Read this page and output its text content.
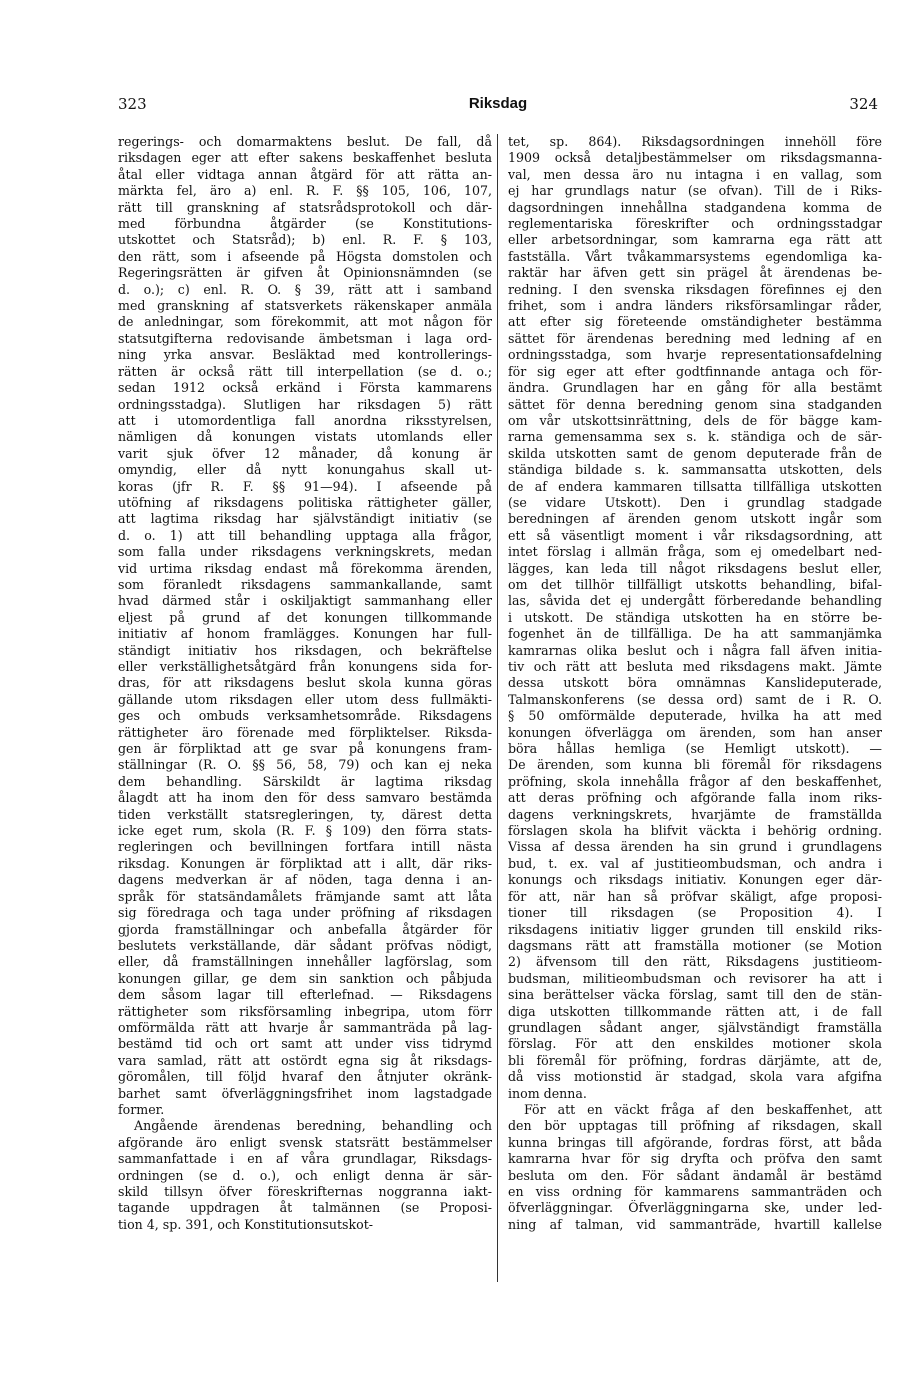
323	Riksdag	324
regerings- och domarmaktens beslut. De fall, då
riksdagen eger att efter sakens beskaffenhet besluta
åtal eller vidtaga annan åtgärd för att rätta an-
märkta fel, äro a) enl. R. F. §§ 105, 106, 107,
rätt till granskning af statsrådsprotokoll och där-
med förbundna åtgärder (se Konstitutions-
utskottet och Statsråd); b) enl. R. F. § 103,
den rätt, som i afseende på Högsta domstolen och
Regeringsrätten är gifven åt Opinionsnämnden (se
d. o.); c) enl. R. O. § 39, rätt att i samband
med granskning af statsverkets räkenskaper anmäla
de anledningar, som förekommit, att mot någon för
statsutgifterna redovisande ämbetsman i laga ord-
ning yrka ansvar. Besläktad med kontrollerings-
rätten är också rätt till interpellation (se d. o.;
sedan 1912 också erkänd i Första kammarens
ordningsstadga). Slutligen har riksdagen 5) rätt
att i utomordentliga fall anordna riksstyrelsen,
nämligen då konungen vistats utomlands eller
varit sjuk öfver 12 månader, då konung är
omyndig, eller då nytt konungahus skall ut-
koras (jfr R. F. §§ 91—94). I afseende på
utöfning af riksdagens politiska rättigheter gäller,
att lagtima riksdag har självständigt initiativ (se
d. o. 1) att till behandling upptaga alla frågor,
som falla under riksdagens verkningskrets, medan
vid urtima riksdag endast må förekomma ärenden,
som föranledt riksdagens sammankallande, samt
hvad därmed står i oskiljaktigt sammanhang eller
eljest på grund af det konungen tillkommande
initiativ af honom framlägges. Konungen har full-
ständigt initiativ hos riksdagen, och bekräftelse
eller verkställighetsåtgärd från konungens sida for-
dras, för att riksdagens beslut skola kunna göras
gällande utom riksdagen eller utom dess fullmäkti-
ges och ombuds verksamhetsområde. Riksdagens
rättigheter äro förenade med förpliktelser. Riksda-
gen är förpliktad att ge svar på konungens fram-
ställningar (R. O. §§ 56, 58, 79) och kan ej neka
dem behandling. Särskildt är lagtima riksdag
ålagdt att ha inom den för dess samvaro bestämda
tiden verkställt statsregleringen, ty, därest detta
icke eget rum, skola (R. F. § 109) den förra stats-
regleringen och bevillningen fortfara intill nästa
riksdag. Konungen är förpliktad att i allt, där riks-
dagens medverkan är af nöden, taga denna i an-
språk för statsändamålets främjande samt att låta
sig föredraga och taga under pröfning af riksdagen
gjorda framställningar och anbefalla åtgärder för
beslutets verkställande, där sådant pröfvas nödigt,
eller, då framställningen innehåller lagförslag, som
konungen gillar, ge dem sin sanktion och påbjuda
dem såsom lagar till efterlefnad. — Riksdagens
rättigheter som riksförsamling inbegripa, utom förr
omförmälda rätt att hvarje år sammanträda på lag-
bestämd tid och ort samt att under viss tidrymd
vara samlad, rätt att ostördt egna sig åt riksdags-
göromålen, till följd hvaraf den åtnjuter okränk-
barhet samt öfverläggningsfrihet inom lagstadgade
former.
Angående ärendenas beredning, behandling och
afgörande äro enligt svensk statsrätt bestämmelser
sammanfattade i en af våra grundlagar, Riksdags-
ordningen (se d. o.), och enligt denna är sär-
skild tillsyn öfver föreskrifternas noggranna iakt-
tagande uppdragen åt talmännen (se Proposi-
tion 4, sp. 391, och Konstitutionsutskot-
tet, sp. 864). Riksdagsordningen innehöll före
1909 också detaljbestämmelser om riksdagsmanna-
val, men dessa äro nu intagna i en vallag, som
ej har grundlags natur (se ofvan). Till de i Riks-
dagsordningen innehållna stadgandena komma de
reglementariska föreskrifter och ordningsstadgar
eller arbetsordningar, som kamrarna ega rätt att
fastställa. Vårt tvåkammarsystems egendomliga ka-
raktär har äfven gett sin prägel åt ärendenas be-
redning. I den svenska riksdagen förefinnes ej den
frihet, som i andra länders riksförsamlingar råder,
att efter sig företeende omständigheter bestämma
sättet för ärendenas beredning med ledning af en
ordningsstadga, som hvarje representationsafdelning
för sig eger att efter godtfinnande antaga och för-
ändra. Grundlagen har en gång för alla bestämt
sättet för denna beredning genom sina stadganden
om vår utskottsinrättning, dels de för bägge kam-
rarna gemensamma sex s. k. ständiga och de sär-
skilda utskotten samt de genom deputerade från de
ständiga bildade s. k. sammansatta utskotten, dels
de af endera kammaren tillsatta tillfälliga utskotten
(se vidare Utskott). Den i grundlag stadgade
beredningen af ärenden genom utskott ingår som
ett så väsentligt moment i vår riksdagsordning, att
intet förslag i allmän fråga, som ej omedelbart ned-
lägges, kan leda till något riksdagens beslut eller,
om det tillhör tillfälligt utskotts behandling, bifal-
las, såvida det ej undergått förberedande behandling
i utskott. De ständiga utskotten ha en större be-
fogenhet än de tillfälliga. De ha att sammanjämka
kamrarnas olika beslut och i några fall äfven initia-
tiv och rätt att besluta med riksdagens makt. Jämte
dessa utskott böra omnämnas Kanslideputerade,
Talmanskonferens (se dessa ord) samt de i R. O.
§ 50 omförmälde deputerade, hvilka ha att med
konungen öfverlägga om ärenden, som han anser
böra hållas hemliga (se Hemligt utskott). —
De ärenden, som kunna bli föremål för riksdagens
pröfning, skola innehålla frågor af den beskaffenhet,
att deras pröfning och afgörande falla inom riks-
dagens verkningskrets, hvarjämte de framställda
förslagen skola ha blifvit väckta i behörig ordning.
Vissa af dessa ärenden ha sin grund i grundlagens
bud, t. ex. val af justitieombudsman, och andra i
konungs och riksdags initiativ. Konungen eger där-
för att, när han så pröfvar skäligt, afge proposi-
tioner till riksdagen (se Proposition 4). I
riksdagens initiativ ligger grunden till enskild riks-
dagsmans rätt att framställa motioner (se Motion
2) äfvensom till den rätt, Riksdagens justitieom-
budsman, militieombudsman och revisorer ha att i
sina berättelser väcka förslag, samt till den de stän-
diga utskotten tillkommande rätten att, i de fall
grundlagen sådant anger, självständigt framställa
förslag. För att den enskildes motioner skola
bli föremål för pröfning, fordras därjämte, att de,
då viss motionstid är stadgad, skola vara afgifna
inom denna.
För att en väckt fråga af den beskaffenhet, att
den bör upptagas till pröfning af riksdagen, skall
kunna bringas till afgörande, fordras först, att båda
kamrarna hvar för sig dryfta och pröfva den samt
besluta om den. För sådant ändamål är bestämd
en viss ordning för kammarens sammanträden och
öfverläggningar. Öfverläggningarna ske, under led-
ning af talman, vid sammanträde, hvartill kallelse
